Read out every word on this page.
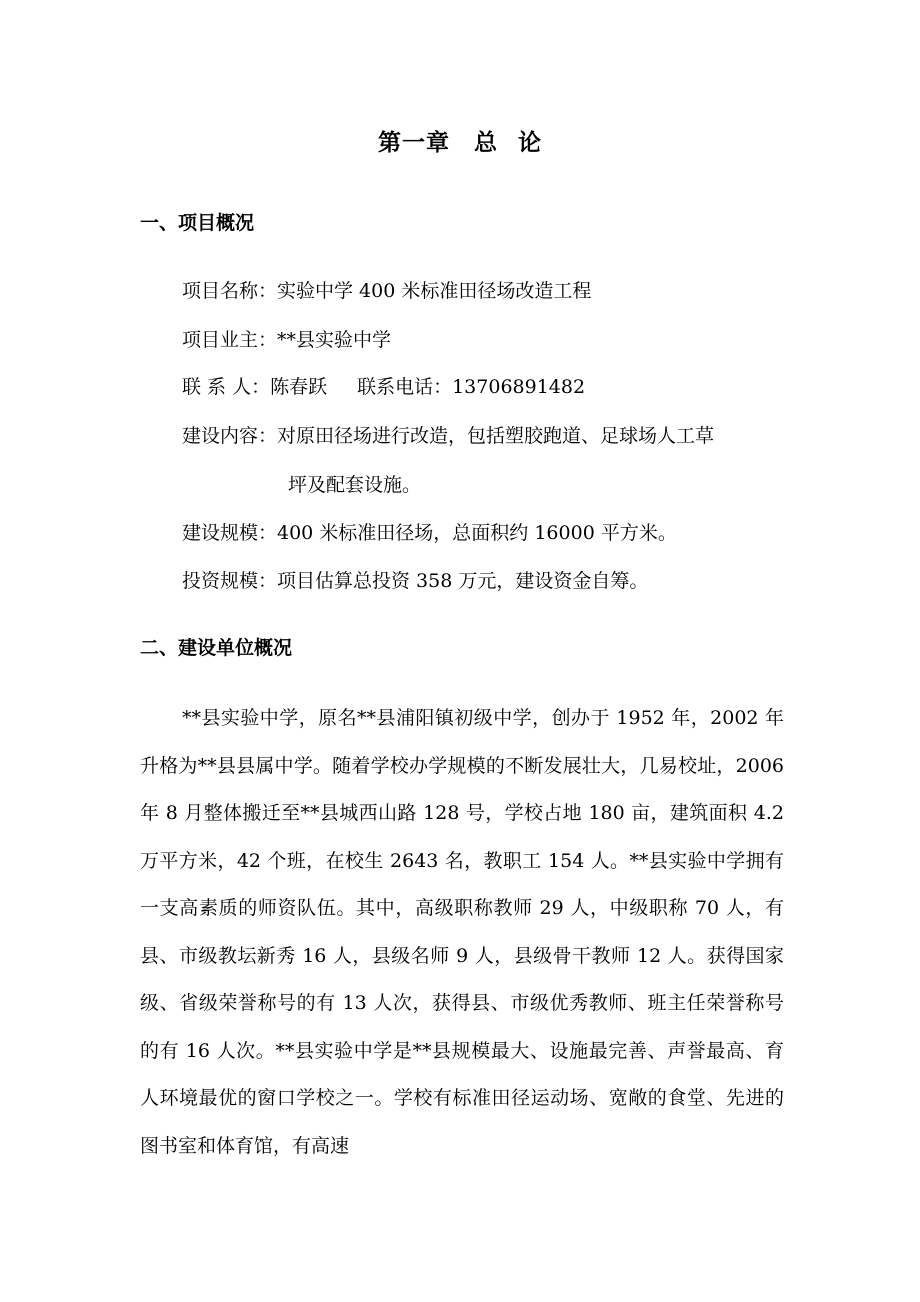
第一章 总 论
一、项目概况
项目名称：实验中学 400 米标准田径场改造工程
项目业主：**县实验中学
联 系 人：陈春跃 联系电话：13706891482
建设内容：对原田径场进行改造，包括塑胶跑道、足球场人工草
坪及配套设施。
建设规模：400 米标准田径场，总面积约 16000 平方米。
投资规模：项目估算总投资 358 万元，建设资金自筹。
二、建设单位概况
**县实验中学，原名**县浦阳镇初级中学，创办于 1952 年，2002 年升格为**县县属中学。随着学校办学规模的不断发展壮大，几易校址，2006 年 8 月整体搬迁至**县城西山路 128 号，学校占地 180 亩，建筑面积 4.2 万平方米，42 个班，在校生 2643 名，教职工 154 人。**县实验中学拥有一支高素质的师资队伍。其中，高级职称教师 29 人，中级职称 70 人，有县、市级教坛新秀 16 人，县级名师 9 人，县级骨干教师 12 人。获得国家级、省级荣誉称号的有 13 人次，获得县、市级优秀教师、班主任荣誉称号的有 16 人次。**县实验中学是**县规模最大、设施最完善、声誉最高、育人环境最优的窗口学校之一。学校有标准田径运动场、宽敞的食堂、先进的图书室和体育馆，有高速
